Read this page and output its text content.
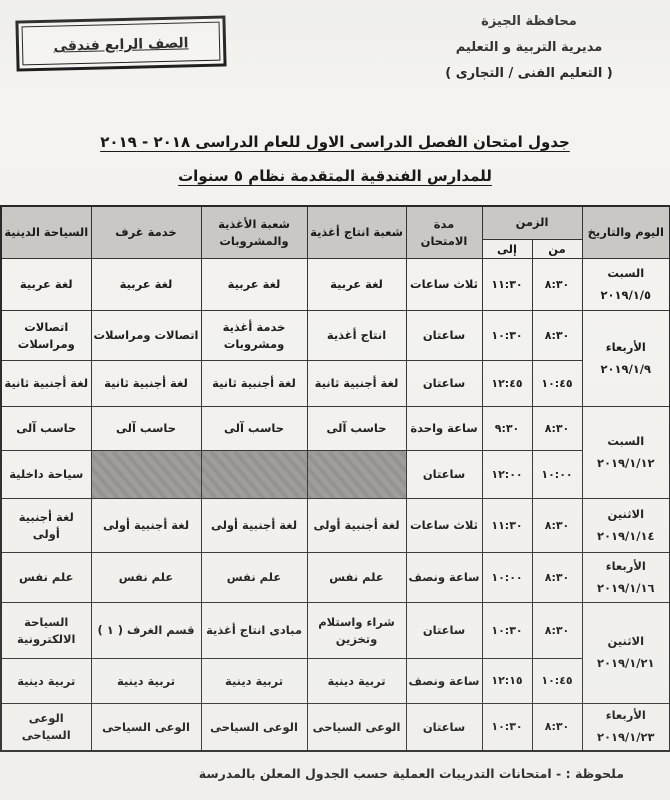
محافظة الجيزة
مديرية التربية و التعليم
( التعليم الفنى / التجارى )
الصف الرابع فندقى
جدول امتحان الفصل الدراسى الاول للعام الدراسى ٢٠١٨ - ٢٠١٩
للمدارس الفندقية المتقدمة نظام ٥ سنوات
اليوم والتاريخ	الزمن		مدة الامتحان	شعبة انتاج أغذية	شعبة الأغذية والمشروبات	خدمة غرف	السياحة الدينية
	من	إلى					

السبت
٢٠١٩/١/٥	٨:٣٠	١١:٣٠	ثلاث ساعات	لغة عربية	لغة عربية	لغة عربية	لغة عربية

الأربعاء
٢٠١٩/١/٩	٨:٣٠	١٠:٣٠	ساعتان	انتاج أغذية	خدمة أغذية ومشروبات	اتصالات ومراسلات	اتصالات ومراسلات
	١٠:٤٥	١٢:٤٥	ساعتان	لغة أجنبية ثانية	لغة أجنبية ثانية	لغة أجنبية ثانية	لغة أجنبية ثانية

السبت
٢٠١٩/١/١٢	٨:٣٠	٩:٣٠	ساعة واحدة	حاسب آلى	حاسب آلى	حاسب آلى	حاسب آلى
	١٠:٠٠	١٢:٠٠	ساعتان				سياحة داخلية

الاثنين
٢٠١٩/١/١٤	٨:٣٠	١١:٣٠	ثلاث ساعات	لغة أجنبية أولى	لغة أجنبية أولى	لغة أجنبية أولى	لغة أجنبية أولى

الأربعاء
٢٠١٩/١/١٦	٨:٣٠	١٠:٠٠	ساعة ونصف	علم نفس	علم نفس	علم نفس	علم نفس

الاثنين
٢٠١٩/١/٢١	٨:٣٠	١٠:٣٠	ساعتان	شراء واستلام وتخزين	مبادى انتاج أغذية	قسم الغرف ( ١ )	السياحة الالكترونية
	١٠:٤٥	١٢:١٥	ساعة ونصف	تربية دينية	تربية دينية	تربية دينية	تربية دينية

الأربعاء
٢٠١٩/١/٢٣	٨:٣٠	١٠:٣٠	ساعتان	الوعى السياحى	الوعى السياحى	الوعى السياحى	الوعى السياحى
ملحوظة : - امتحانات التدريبات العملية حسب الجدول المعلن بالمدرسة
